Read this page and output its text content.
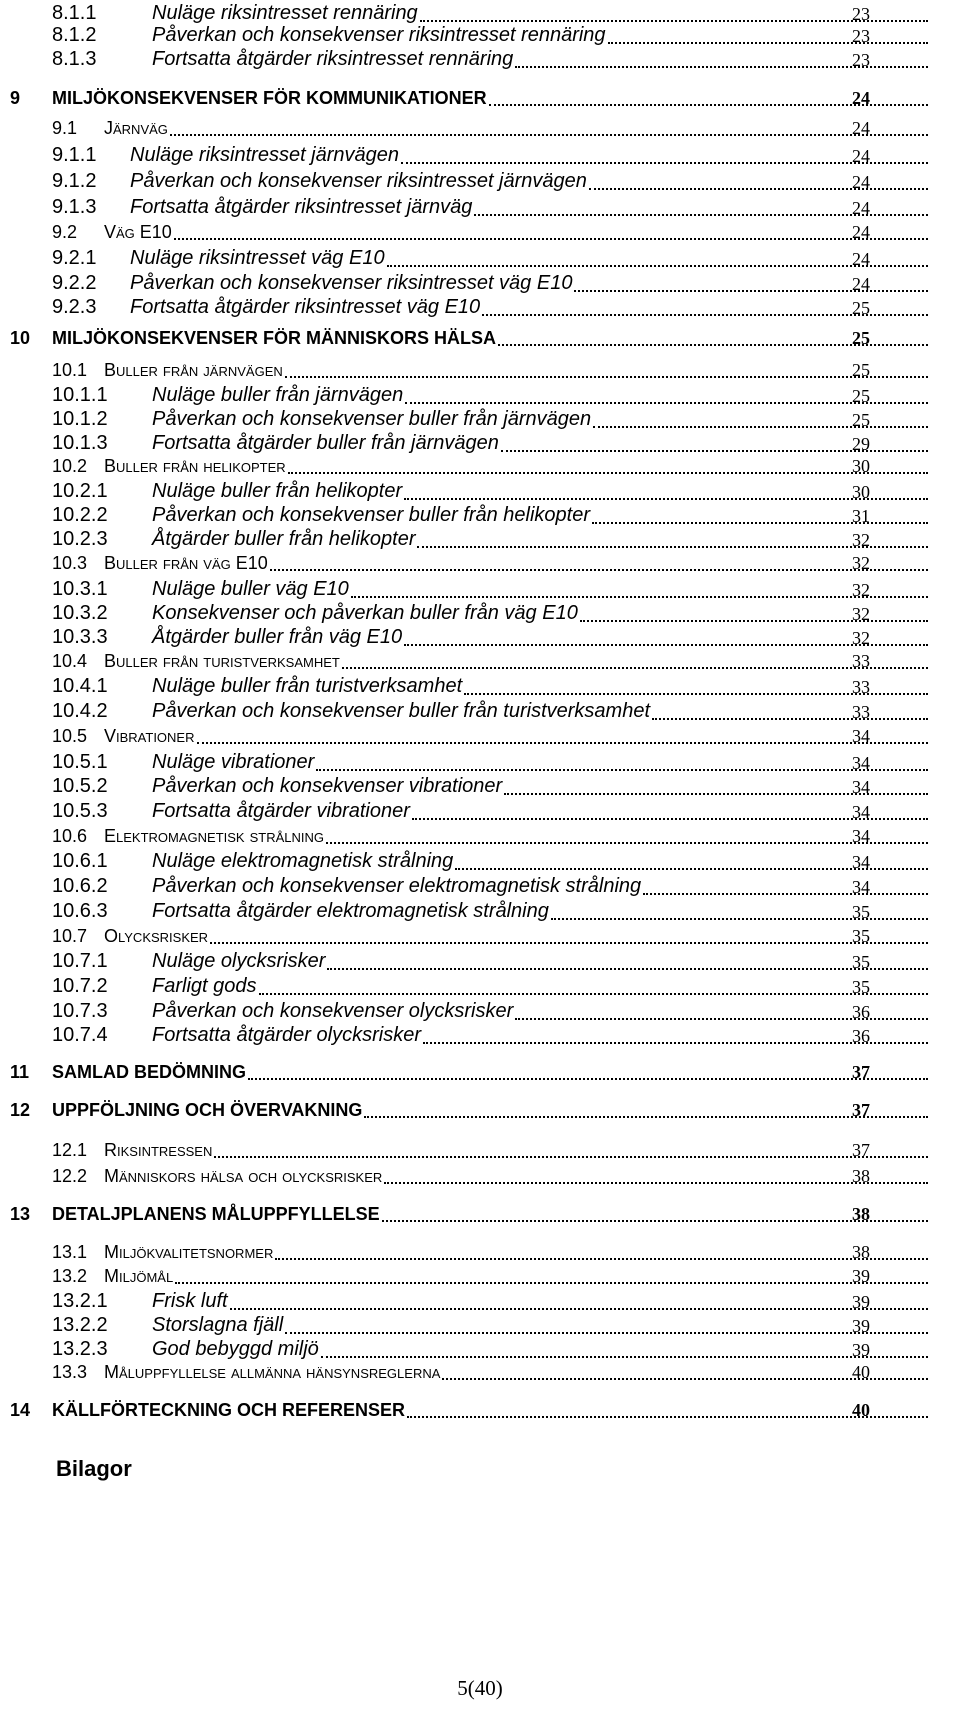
8.1.1	Nuläge riksintresset rennäring	23
8.1.2	Påverkan och konsekvenser riksintresset rennäring	23
8.1.3	Fortsatta åtgärder riksintresset rennäring	23
9 MILJÖKONSEKVENSER FÖR KOMMUNIKATIONER	24
9.1 Järnväg	24
9.1.1 Nuläge riksintresset järnvägen	24
9.1.2 Påverkan och konsekvenser riksintresset järnvägen	24
9.1.3 Fortsatta åtgärder riksintresset järnväg	24
9.2 Väg E10	24
9.2.1 Nuläge riksintresset väg E10	24
9.2.2 Påverkan och konsekvenser riksintresset väg E10	24
9.2.3 Fortsatta åtgärder riksintresset väg E10	25
10 MILJÖKONSEKVENSER FÖR MÄNNISKORS HÄLSA	25
10.1 Buller från järnvägen	25
10.1.1 Nuläge buller från järnvägen	25
10.1.2 Påverkan och konsekvenser buller från järnvägen	25
10.1.3 Fortsatta åtgärder buller från järnvägen	29
10.2 Buller från helikopter	30
10.2.1 Nuläge buller från helikopter	30
10.2.2 Påverkan och konsekvenser buller från helikopter	31
10.2.3 Åtgärder buller från helikopter	32
10.3 Buller från väg E10	32
10.3.1 Nuläge buller väg E10	32
10.3.2 Konsekvenser och påverkan buller från väg E10	32
10.3.3 Åtgärder buller från väg E10	32
10.4 Buller från turistverksamhet	33
10.4.1 Nuläge buller från turistverksamhet	33
10.4.2 Påverkan och konsekvenser buller från turistverksamhet	33
10.5 Vibrationer	34
10.5.1 Nuläge vibrationer	34
10.5.2 Påverkan och konsekvenser vibrationer	34
10.5.3 Fortsatta åtgärder vibrationer	34
10.6 Elektromagnetisk strålning	34
10.6.1 Nuläge elektromagnetisk strålning	34
10.6.2 Påverkan och konsekvenser elektromagnetisk strålning	34
10.6.3 Fortsatta åtgärder elektromagnetisk strålning	35
10.7 Olycksrisker	35
10.7.1 Nuläge olycksrisker	35
10.7.2 Farligt gods	35
10.7.3 Påverkan och konsekvenser olycksrisker	36
10.7.4 Fortsatta åtgärder olycksrisker	36
11 SAMLAD BEDÖMNING	37
12 UPPFÖLJNING OCH ÖVERVAKNING	37
12.1 Riksintressen	37
12.2 Människors hälsa och olycksrisker	38
13 DETALJPLANENS MÅLUPPFYLLELSE	38
13.1 Miljökvalitetsnormer	38
13.2 Miljömål	39
13.2.1 Frisk luft	39
13.2.2 Storslagna fjäll	39
13.2.3 God bebyggd miljö	39
13.3 Måluppfyllelse allmänna hänsynsreglerna	40
14 KÄLLFÖRTECKNING OCH REFERENSER	40
Bilagor
5(40)
